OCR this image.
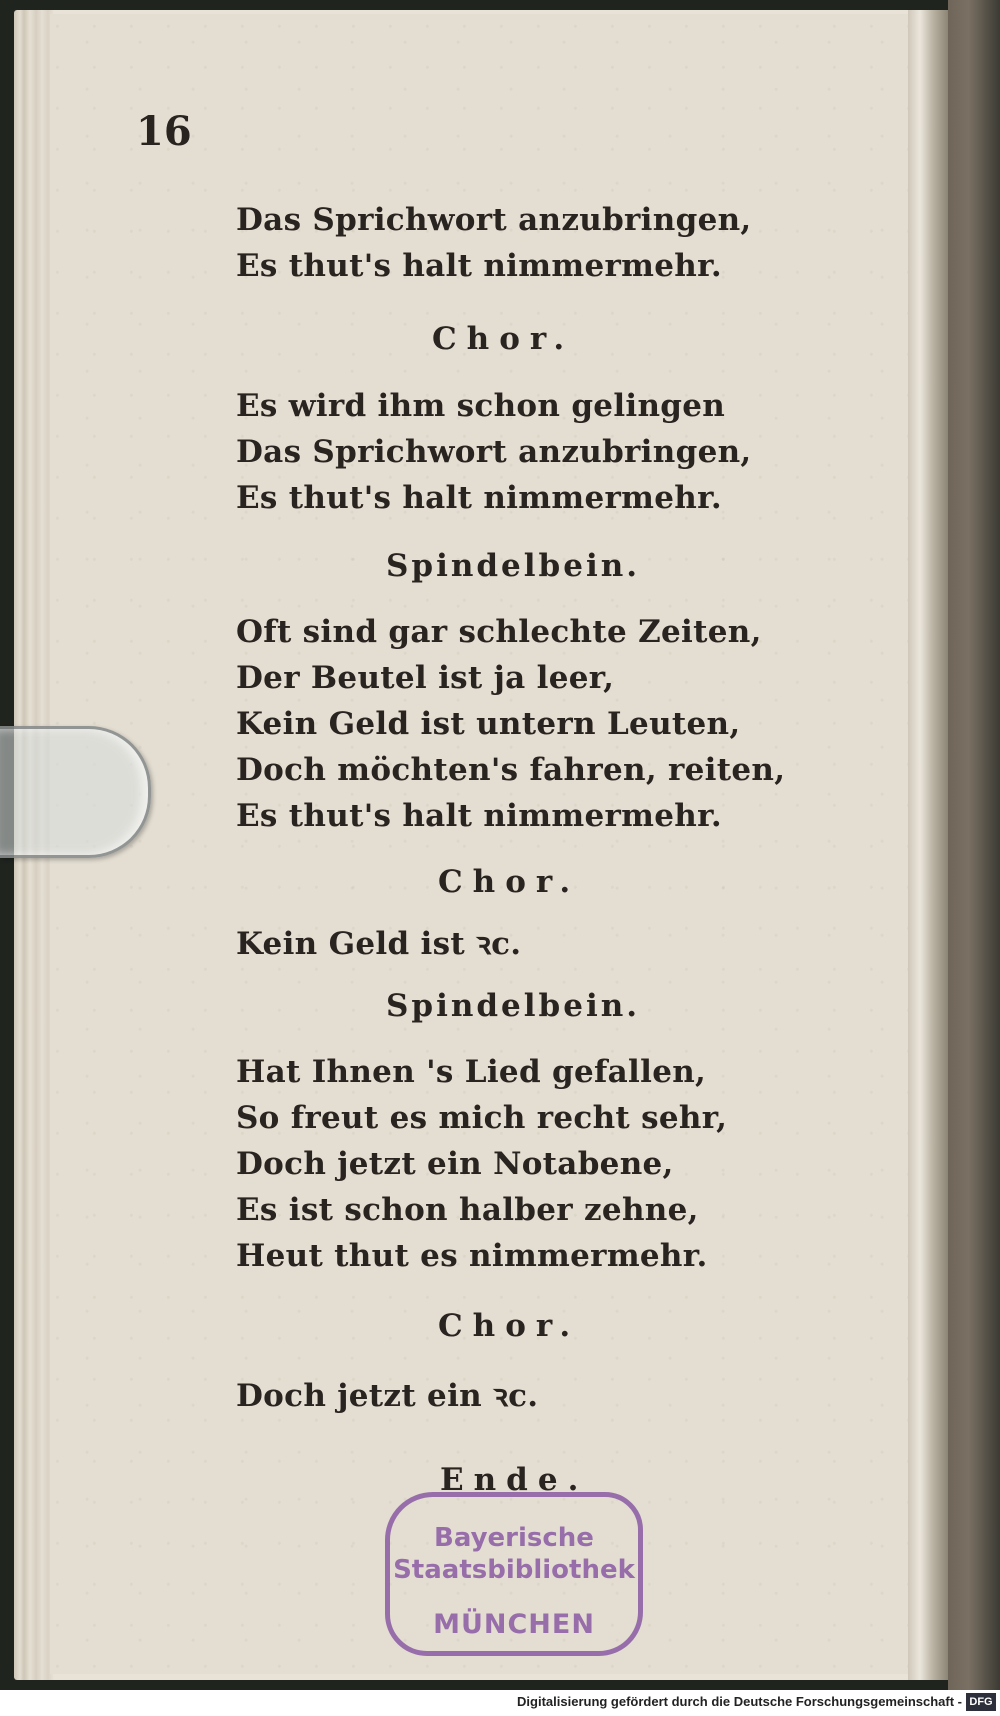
16
Das Sprichwort anzubringen,
Es thut's halt nimmermehr.
Chor.
Es wird ihm schon gelingen
Das Sprichwort anzubringen,
Es thut's halt nimmermehr.
Spindelbein.
Oft sind gar schlechte Zeiten,
Der Beutel ist ja leer,
Kein Geld ist untern Leuten,
Doch möchten's fahren, reiten,
Es thut's halt nimmermehr.
Chor.
Kein Geld ist ꝛc.
Spindelbein.
Hat Ihnen 's Lied gefallen,
So freut es mich recht sehr,
Doch jetzt ein Notabene,
Es ist schon halber zehne,
Heut thut es nimmermehr.
Chor.
Doch jetzt ein ꝛc.
Ende.
Bayerische
Staatsbibliothek
MÜNCHEN
Digitalisierung gefördert durch die Deutsche Forschungsgemeinschaft - DFG
